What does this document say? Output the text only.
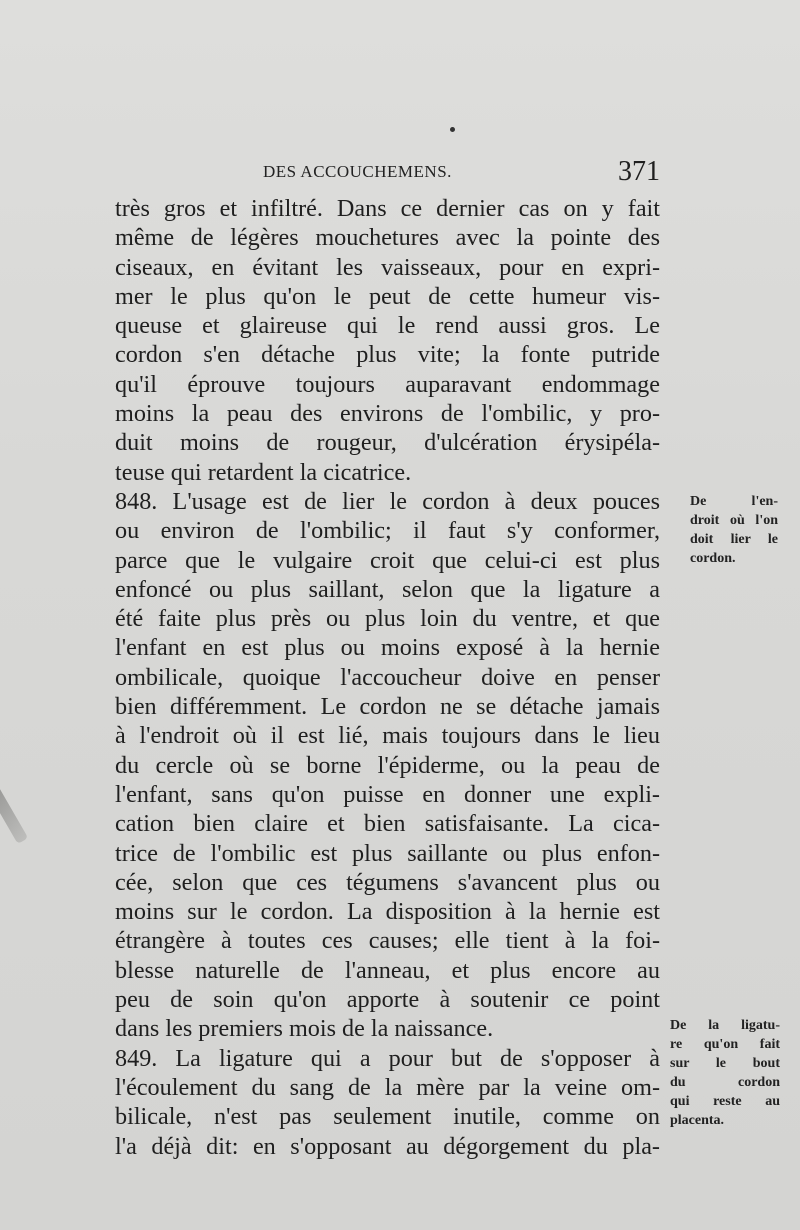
DES ACCOUCHEMENS.	371
très gros et infiltré. Dans ce dernier cas on y fait
même de légères mouchetures avec la pointe des
ciseaux, en évitant les vaisseaux, pour en expri-
mer le plus qu'on le peut de cette humeur vis-
queuse et glaireuse qui le rend aussi gros. Le
cordon s'en détache plus vite; la fonte putride
qu'il éprouve toujours auparavant endommage
moins la peau des environs de l'ombilic, y pro-
duit moins de rougeur, d'ulcération érysipéla-
teuse qui retardent la cicatrice.
848. L'usage est de lier le cordon à deux pouces
ou environ de l'ombilic; il faut s'y conformer,
parce que le vulgaire croit que celui-ci est plus
enfoncé ou plus saillant, selon que la ligature a
été faite plus près ou plus loin du ventre, et que
l'enfant en est plus ou moins exposé à la hernie
ombilicale, quoique l'accoucheur doive en penser
bien différemment. Le cordon ne se détache jamais
à l'endroit où il est lié, mais toujours dans le lieu
du cercle où se borne l'épiderme, ou la peau de
l'enfant, sans qu'on puisse en donner une expli-
cation bien claire et bien satisfaisante. La cica-
trice de l'ombilic est plus saillante ou plus enfon-
cée, selon que ces tégumens s'avancent plus ou
moins sur le cordon. La disposition à la hernie est
étrangère à toutes ces causes; elle tient à la foi-
blesse naturelle de l'anneau, et plus encore au
peu de soin qu'on apporte à soutenir ce point
dans les premiers mois de la naissance.
849. La ligature qui a pour but de s'opposer à
l'écoulement du sang de la mère par la veine om-
bilicale, n'est pas seulement inutile, comme on
l'a déjà dit: en s'opposant au dégorgement du pla-
De l'en-
droit où l'on
doit lier le
cordon.
De la ligatu-
re qu'on fait
sur le bout
du cordon
qui reste au
placenta.
